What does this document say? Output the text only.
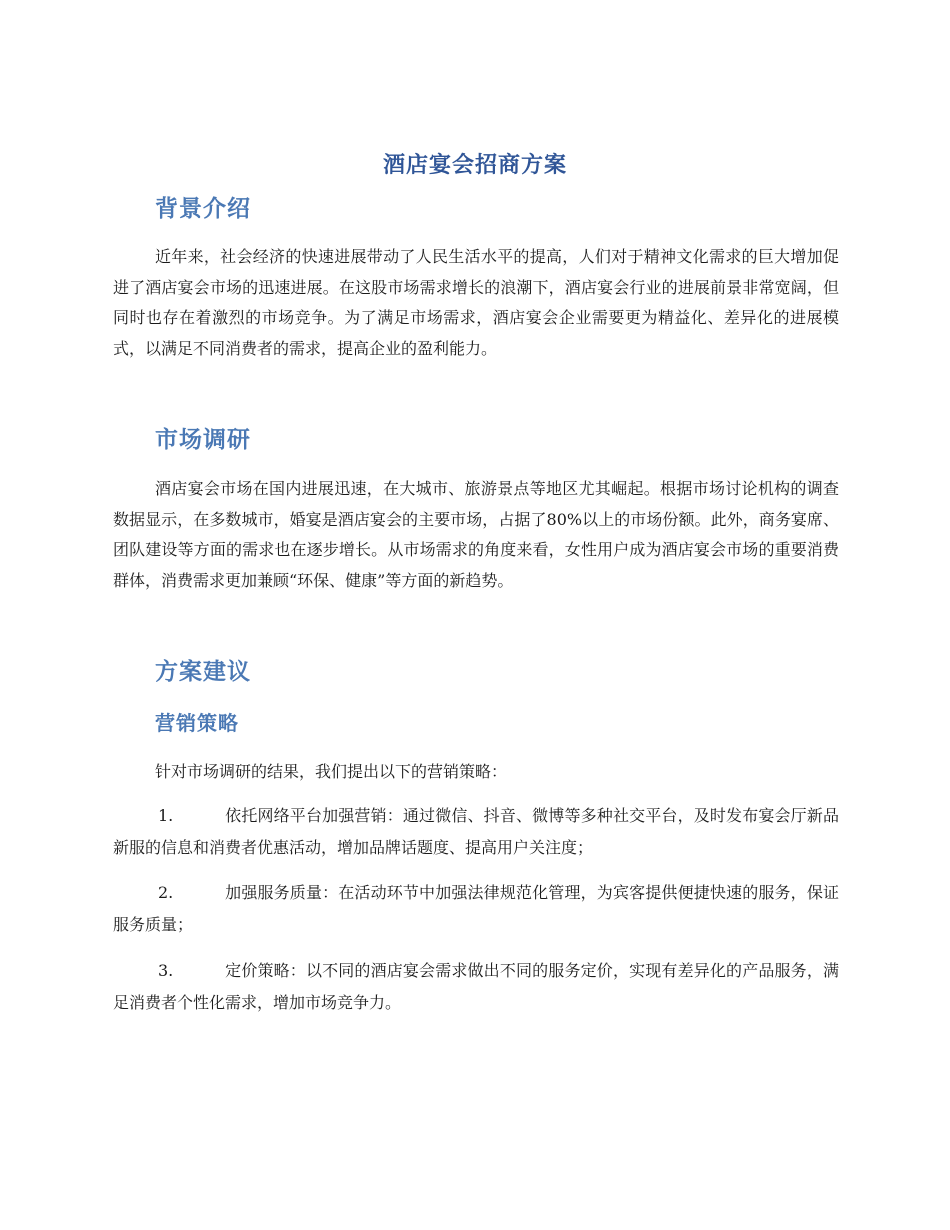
酒店宴会招商方案
背景介绍

近年来，社会经济的快速进展带动了人民生活水平的提高，人们对于精神文化需求的巨大增加促进了酒店宴会市场的迅速进展。在这股市场需求增长的浪潮下，酒店宴会行业的进展前景非常宽阔，但同时也存在着激烈的市场竞争。为了满足市场需求，酒店宴会企业需要更为精益化、差异化的进展模式，以满足不同消费者的需求，提高企业的盈利能力。

市场调研

酒店宴会市场在国内进展迅速，在大城市、旅游景点等地区尤其崛起。根据市场讨论机构的调查数据显示，在多数城市，婚宴是酒店宴会的主要市场，占据了80%以上的市场份额。此外，商务宴席、团队建设等方面的需求也在逐步增长。从市场需求的角度来看，女性用户成为酒店宴会市场的重要消费群体，消费需求更加兼顾“环保、健康”等方面的新趋势。

方案建议
营销策略

针对市场调研的结果，我们提出以下的营销策略：

1.	依托网络平台加强营销：通过微信、抖音、微博等多种社交平台，及时发布宴会厅新品新服的信息和消费者优惠活动，增加品牌话题度、提高用户关注度；

2.	加强服务质量：在活动环节中加强法律规范化管理，为宾客提供便捷快速的服务，保证服务质量；

3.	定价策略：以不同的酒店宴会需求做出不同的服务定价，实现有差异化的产品服务，满足消费者个性化需求，增加市场竞争力。
